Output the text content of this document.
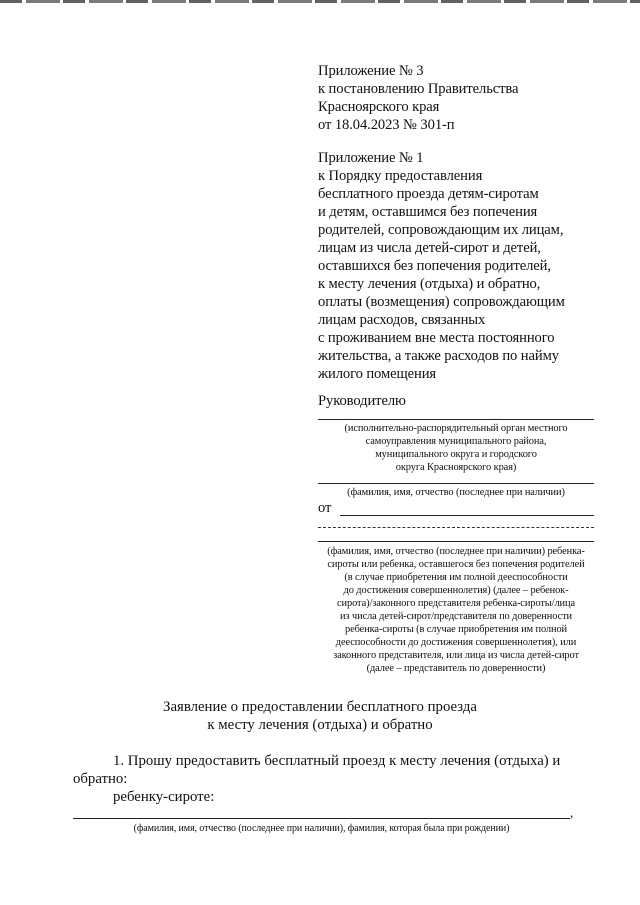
Приложение № 3
к постановлению Правительства
Красноярского края
от 18.04.2023 № 301-п
Приложение № 1
к Порядку предоставления
бесплатного проезда детям-сиротам
и детям, оставшимся без попечения
родителей, сопровождающим их лицам,
лицам из числа детей-сирот и детей,
оставшихся без попечения родителей,
к месту лечения (отдыха) и обратно,
оплаты (возмещения) сопровождающим
лицам расходов, связанных
с проживанием вне места постоянного
жительства, а также расходов по найму
жилого помещения
Руководителю
(исполнительно-распорядительный орган местного
самоуправления муниципального района,
муниципального округа и городского
округа Красноярского края)
(фамилия, имя, отчество (последнее при наличии)
от
(фамилия, имя, отчество (последнее при наличии) ребенка-
сироты или ребенка, оставшегося без попечения родителей
(в случае приобретения им полной дееспособности
до достижения совершеннолетия) (далее – ребенок-
сирота)/законного представителя ребенка-сироты/лица
из числа детей-сирот/представителя по доверенности
ребенка-сироты (в случае приобретения им полной
дееспособности до достижения совершеннолетия), или
законного представителя, или лица из числа детей-сирот
(далее – представитель по доверенности)
Заявление о предоставлении бесплатного проезда
к месту лечения (отдыха) и обратно
1. Прошу предоставить бесплатный проезд к месту лечения (отдыха) и
обратно:
ребенку-сироте:
,
(фамилия, имя, отчество (последнее при наличии), фамилия, которая была при рождении)
